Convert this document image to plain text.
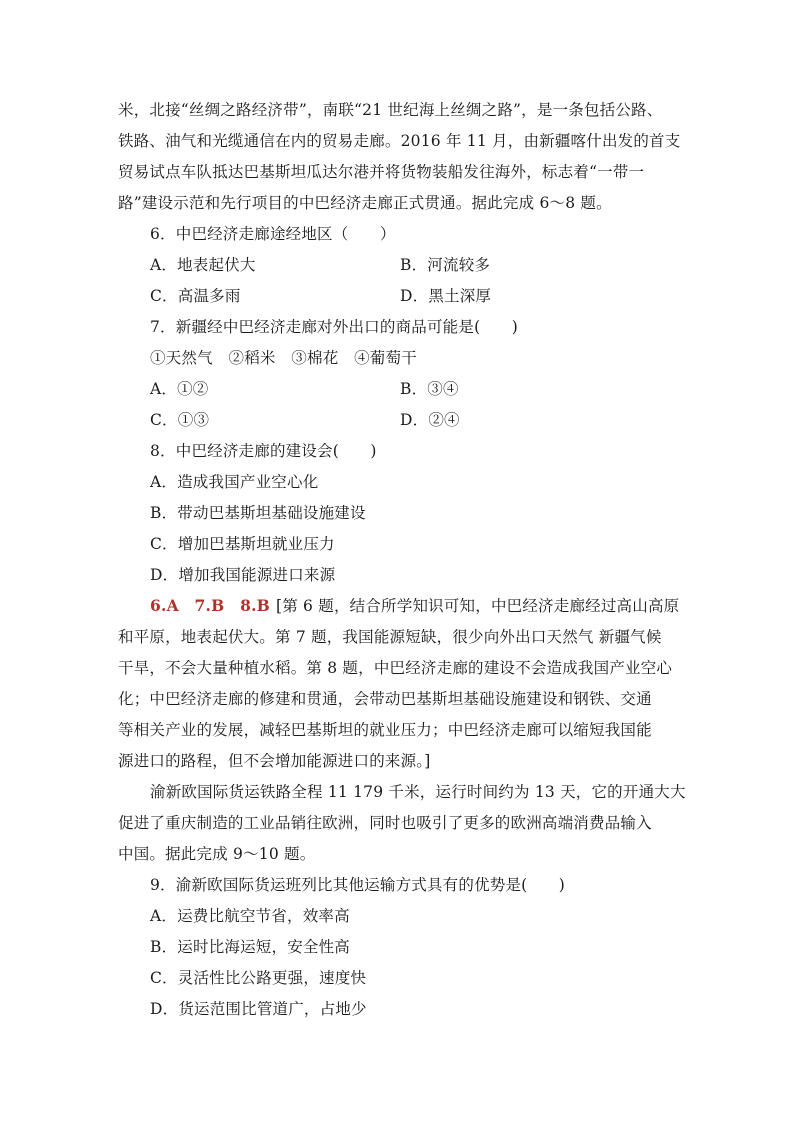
米，北接“丝绸之路经济带”，南联“21 世纪海上丝绸之路”，是一条包括公路、
铁路、油气和光缆通信在内的贸易走廊。2016 年 11 月，由新疆喀什出发的首支
贸易试点车队抵达巴基斯坦瓜达尔港并将货物装船发往海外，标志着“一带一
路”建设示范和先行项目的中巴经济走廊正式贯通。据此完成 6～8 题。
6．中巴经济走廊途经地区（　　）
A．地表起伏大	B．河流较多
C．高温多雨	D．黑土深厚
7．新疆经中巴经济走廊对外出口的商品可能是(　　)
①天然气　②稻米　③棉花　④葡萄干
A．①②	B．③④
C．①③	D．②④
8．中巴经济走廊的建设会(　　)
A．造成我国产业空心化
B．带动巴基斯坦基础设施建设
C．增加巴基斯坦就业压力
D．增加我国能源进口来源
6.A　7.B　8.B [第 6 题，结合所学知识可知，中巴经济走廊经过高山高原
和平原，地表起伏大。第 7 题，我国能源短缺，很少向外出口天然气 新疆气候
干旱，不会大量种植水稻。第 8 题，中巴经济走廊的建设不会造成我国产业空心
化；中巴经济走廊的修建和贯通，会带动巴基斯坦基础设施建设和钢铁、交通
等相关产业的发展，减轻巴基斯坦的就业压力；中巴经济走廊可以缩短我国能
源进口的路程，但不会增加能源进口的来源。]
渝新欧国际货运铁路全程 11 179 千米，运行时间约为 13 天，它的开通大大
促进了重庆制造的工业品销往欧洲，同时也吸引了更多的欧洲高端消费品输入
中国。据此完成 9～10 题。
9．渝新欧国际货运班列比其他运输方式具有的优势是(　　)
A．运费比航空节省，效率高
B．运时比海运短，安全性高
C．灵活性比公路更强，速度快
D．货运范围比管道广，占地少
